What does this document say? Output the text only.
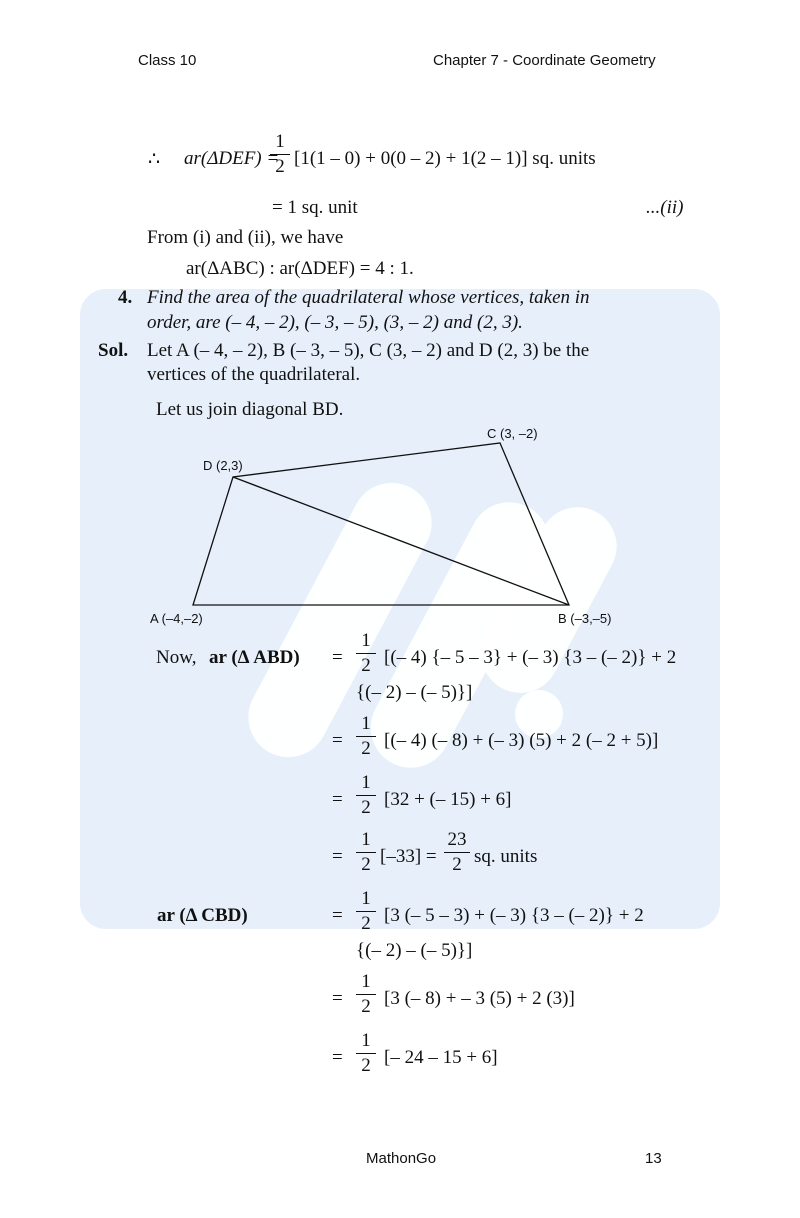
Class 10	Chapter 7 - Coordinate Geometry
∴ ar(ΔDEF) =
1
2 [1(1 – 0) + 0(0 – 2) + 1(2 – 1)] sq. units
= 1 sq. unit	...(ii)
From (i) and (ii), we have
ar(ΔABC) : ar(ΔDEF) = 4 : 1.
4. Find the area of the quadrilateral whose vertices, taken in
order, are (– 4, – 2), (– 3, – 5), (3, – 2) and (2, 3).
Sol. Let A (– 4, – 2), B (– 3, – 5), C (3, – 2) and D (2, 3) be the
vertices of the quadrilateral.
Let us join diagonal BD.
C (3, –2)
D (2,3)
A (–4,–2)	B (–3,–5)
Now, ar (Δ ABD) =
1
2 [(– 4) {– 5 – 3} + (– 3) {3 – (– 2)} + 2
{(– 2) – (– 5)}]
=
1
2 [(– 4) (– 8) + (– 3) (5) + 2 (– 2 + 5)]
=
1
2 [32 + (– 15) + 6]
=
1
2 [–33] =
23
2 sq. units
ar (Δ CBD)	=
1
2 [3 (– 5 – 3) + (– 3) {3 – (– 2)} + 2
{(– 2) – (– 5)}]
=
1
2 [3 (– 8) + – 3 (5) + 2 (3)]
=
1
2 [– 24 – 15 + 6]
MathonGo	13
